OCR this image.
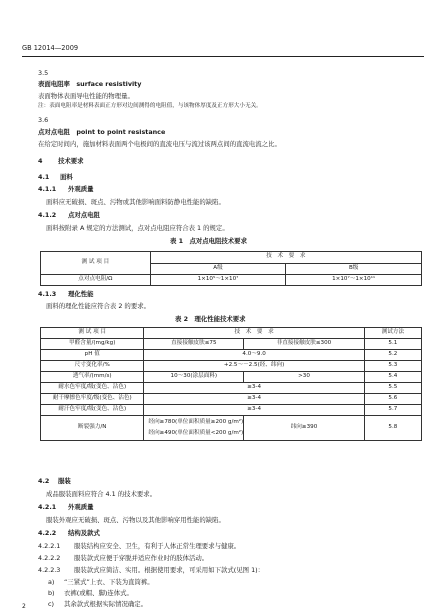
GB 12014—2009
3.5
表面电阻率　surface resistivity
表面物体表面导电性能的物理量。
注：表面电阻率是材料表面正方形对边间测得的电阻值，与该物体厚度及正方形大小无关。
3.6
点对点电阻　point to point resistance
在给定时间内，施加材料表面两个电极间的直流电压与流过该两点间的直流电流之比。
4 技术要求
4.1 面料
4.1.1 外观质量
面料应无破损、斑点、污物或其他影响面料防静电性能的缺陷。
4.1.2 点对点电阻
面料按附录 A 规定的方法测试，点对点电阻应符合表 1 的规定。
表 1　点对点电阻技术要求
测 试 项 目	技　术　要　求	
	A级	B级
点对点电阻/Ω	1×10⁵～1×10⁷	1×10⁷～1×10¹¹
4.1.3 理化性能
面料的理化性能应符合表 2 的要求。
表 2　理化性能技术要求
测 试 项 目	技　术　要　求		测试方法
甲醛含量/(mg/kg)	直接接触皮肤≤75	非直接接触皮肤≤300	5.1
pH 值	4.0～9.0		5.2
尺寸变化率/%	+2.5～－2.5(经、纬向)		5.3
透气率/(mm/s)	10～30(涂层面料)	>30	5.4
耐水色牢度/级(变色、沾色)	≥3-4		5.5
耐干摩擦色牢度/级(变色、沾色)	≥3-4		5.6
耐汗色牢度/级(变色、沾色)	≥3-4		5.7
断裂强力/N	经向≥780(单位面积质量≥200 g/m²)
经向≥490(单位面积质量<200 g/m²)	纬向≥390	5.8
4.2 服装
成品服装面料应符合 4.1 的技术要求。
4.2.1 外观质量
服装外观应无破损、斑点、污物以及其他影响穿用性能的缺陷。
4.2.2 结构及款式
4.2.2.1 服装结构应安全、卫生，有利于人体正常生理要求与健康。
4.2.2.2 服装款式应便于穿脱并适应作业时的肢体活动。
4.2.2.3 服装款式应简洁、实用。根据使用要求，可采用如下款式(见图 1)：
a) “三紧式”上衣、下装为直筒裤。
b) 衣裤(或帽、脚)连体式。
c) 其余款式根据实际情况确定。
2
